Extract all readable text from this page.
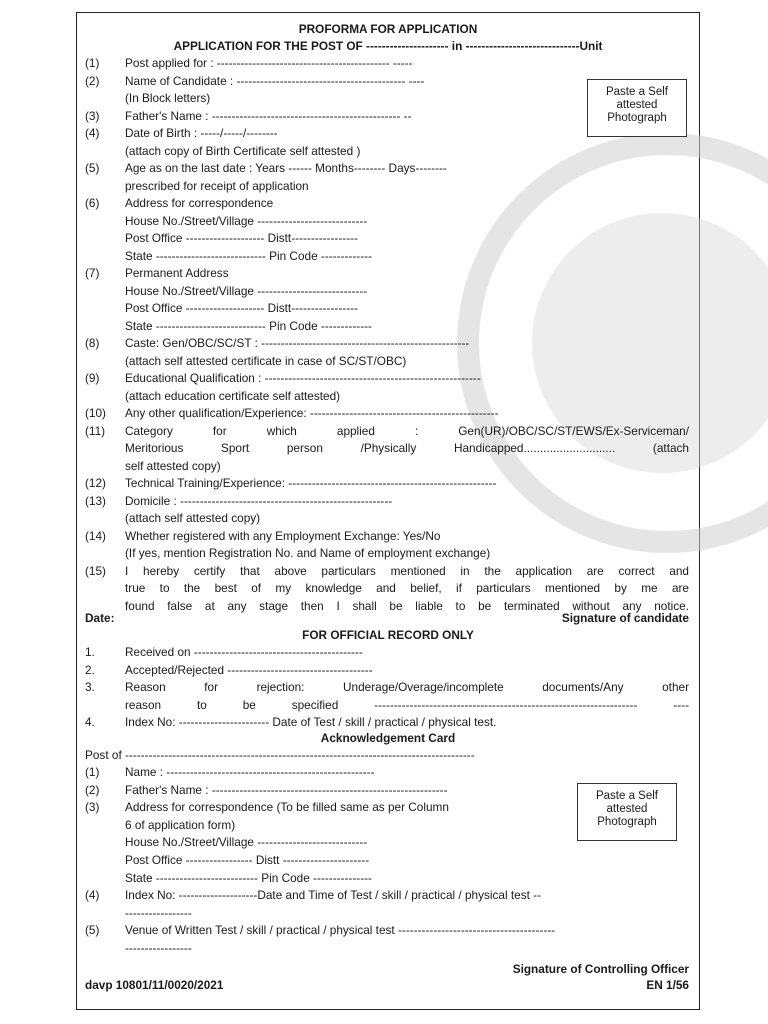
PROFORMA FOR APPLICATION
APPLICATION FOR THE POST OF --------------------- in -----------------------------Unit
(1) Post applied for : -------------------------------------------- -----
(2) Name of Candidate : ------------------------------------------- ----
(In Block letters)
(3) Father's Name : ------------------------------------------------ --
(4) Date of Birth : -----/-----/--------
(attach copy of Birth Certificate self attested )
(5) Age as on the last date : Years ------ Months-------- Days--------
prescribed for receipt of application
(6) Address for correspondence
House No./Street/Village ----------------------------
Post Office -------------------- Distt-----------------
State ---------------------------- Pin Code -------------
(7) Permanent Address
House No./Street/Village ----------------------------
Post Office -------------------- Distt-----------------
State ---------------------------- Pin Code -------------
(8) Caste: Gen/OBC/SC/ST : -----------------------------------------------------
(attach self attested certificate in case of SC/ST/OBC)
(9) Educational Qualification : -------------------------------------------------------
(attach education certificate self attested)
(10) Any other qualification/Experience: ------------------------------------------------
(11) Category for which applied : Gen(UR)/OBC/SC/ST/EWS/Ex-Serviceman/
Meritorious Sport person /Physically Handicapped............................ (attach
self attested copy)
(12) Technical Training/Experience: -----------------------------------------------------
(13) Domicile : ------------------------------------------------------
(attach self attested copy)
(14) Whether registered with any Employment Exchange: Yes/No
(If yes, mention Registration No. and Name of employment exchange)
(15) I hereby certify that above particulars mentioned in the application are correct and
true to the best of my knowledge and belief, if particulars mentioned by me are
found false at any stage then I shall be liable to be terminated without any notice.
Paste a Self
attested
Photograph
Date:	Signature of candidate
FOR OFFICIAL RECORD ONLY
1.	Received on -------------------------------------------
2.	Accepted/Rejected -------------------------------------
3.	Reason for rejection: Underage/Overage/incomplete documents/Any other
reason to be specified ------------------------------------------------------------------- ----
4.	Index No: ----------------------- Date of Test / skill / practical / physical test.
Acknowledgement Card
Post of -----------------------------------------------------------------------------------------
(1) Name : -----------------------------------------------------
(2) Father's Name : ------------------------------------------------------------
(3) Address for correspondence (To be filled same as per Column
6 of application form)
House No./Street/Village ----------------------------
Post Office ----------------- Distt ----------------------
State -------------------------- Pin Code ---------------
(4) Index No: --------------------Date and Time of Test / skill / practical / physical test --
-----------------
(5) Venue of Written Test / skill / practical / physical test ----------------------------------------
-----------------
Paste a Self
attested
Photograph
Signature of Controlling Officer
davp 10801/11/0020/2021	EN 1/56
